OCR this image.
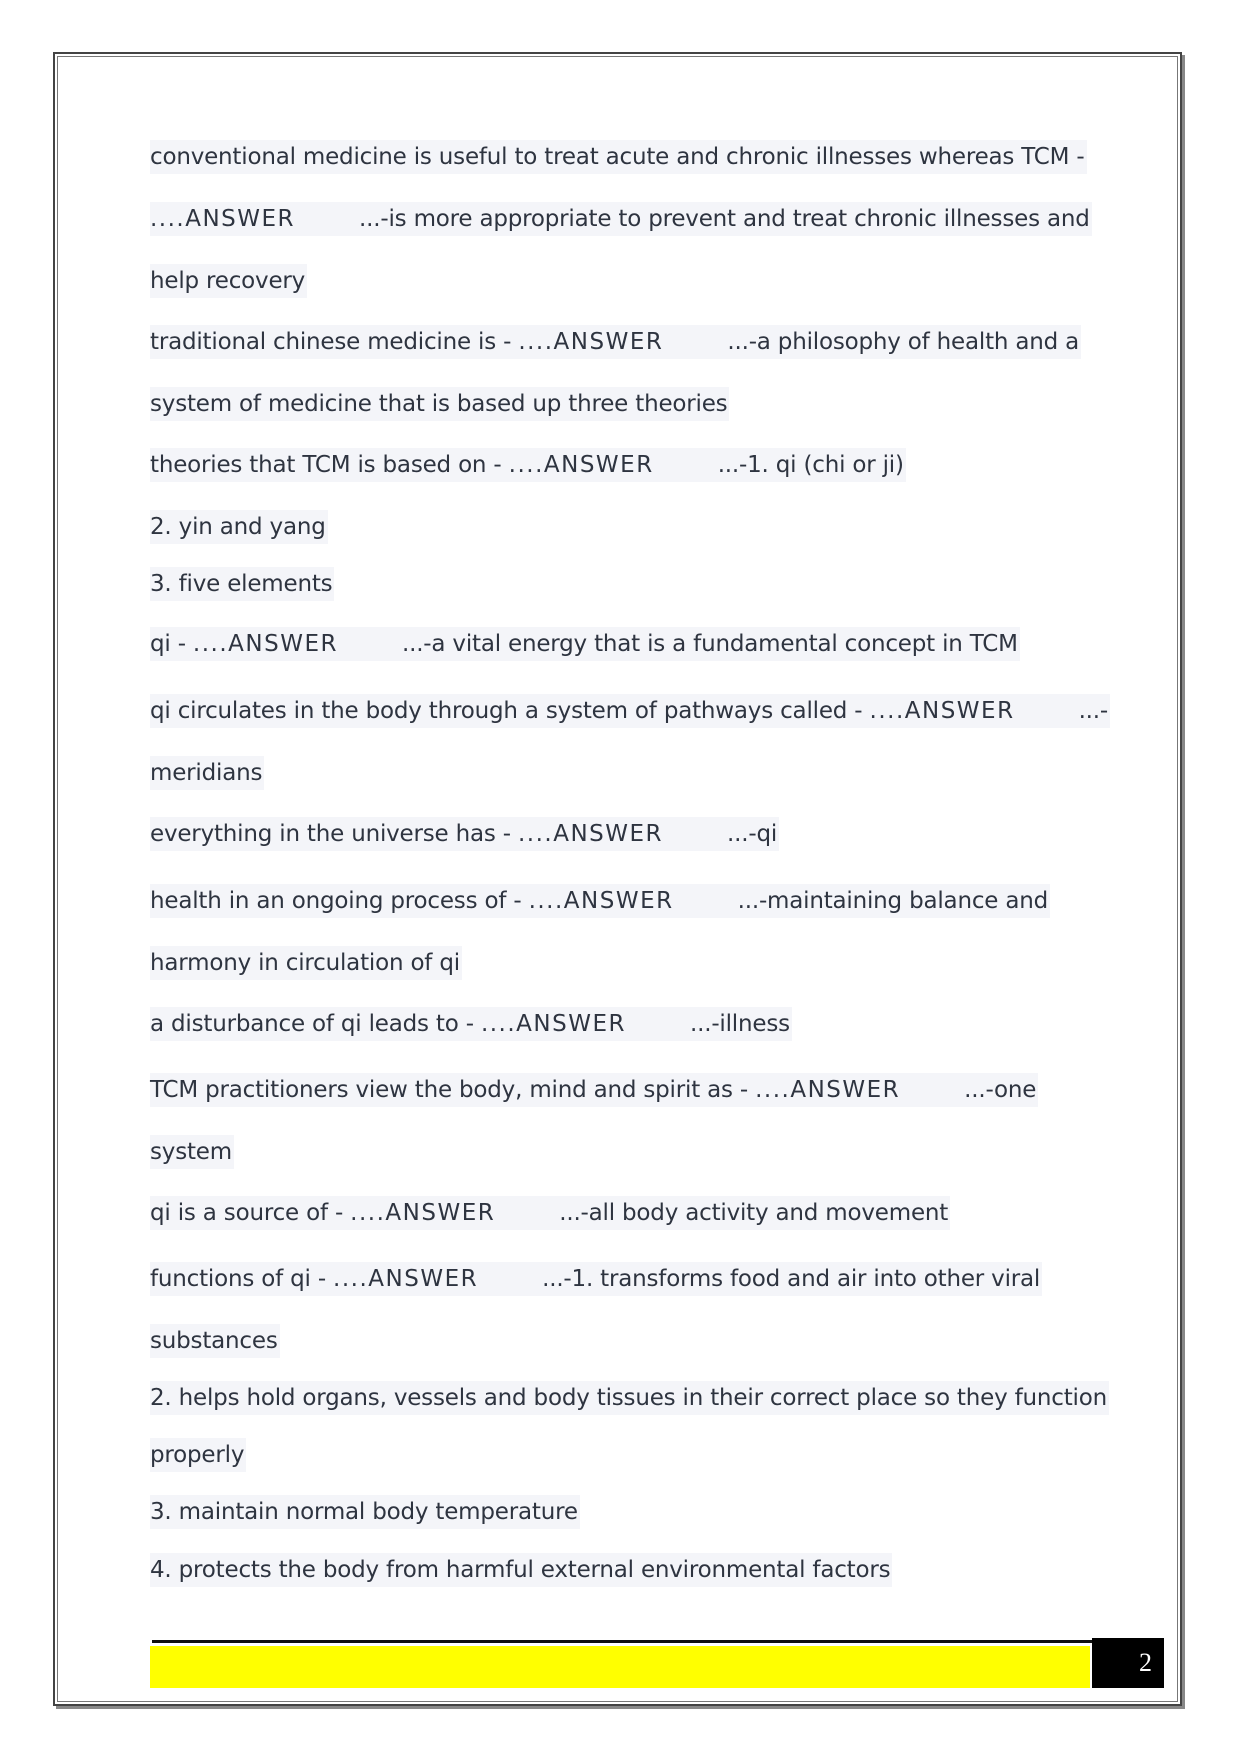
conventional medicine is useful to treat acute and chronic illnesses whereas TCM -
....ANSWER	...-is more appropriate to prevent and treat chronic illnesses and
help recovery
traditional chinese medicine is - ....ANSWER	...-a philosophy of health and a
system of medicine that is based up three theories
theories that TCM is based on - ....ANSWER	...-1. qi (chi or ji)
2. yin and yang
3. five elements
qi - ....ANSWER	...-a vital energy that is a fundamental concept in TCM
qi circulates in the body through a system of pathways called - ....ANSWER	...-
meridians
everything in the universe has - ....ANSWER	...-qi
health in an ongoing process of - ....ANSWER	...-maintaining balance and
harmony in circulation of qi
a disturbance of qi leads to - ....ANSWER	...-illness
TCM practitioners view the body, mind and spirit as - ....ANSWER	...-one
system
qi is a source of - ....ANSWER	...-all body activity and movement
functions of qi - ....ANSWER	...-1. transforms food and air into other viral
substances
2. helps hold organs, vessels and body tissues in their correct place so they function
properly
3. maintain normal body temperature
4. protects the body from harmful external environmental factors
2
